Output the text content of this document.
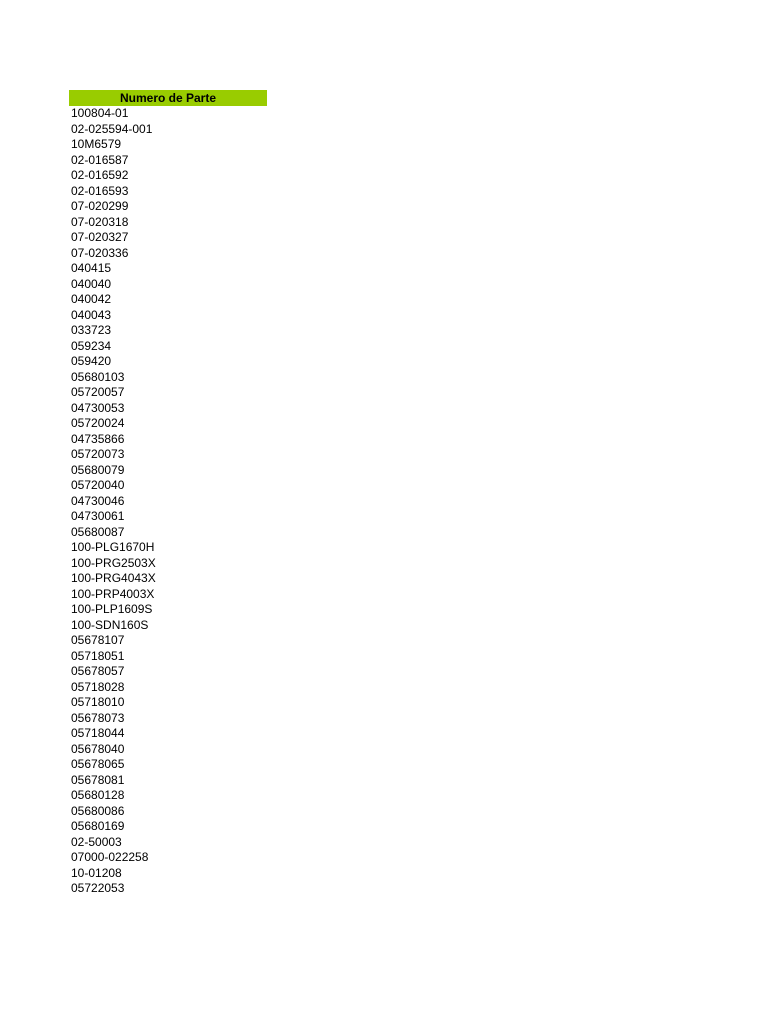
Numero de Parte
100804-01
02-025594-001
10M6579
02-016587
02-016592
02-016593
07-020299
07-020318
07-020327
07-020336
040415
040040
040042
040043
033723
059234
059420
05680103
05720057
04730053
05720024
04735866
05720073
05680079
05720040
04730046
04730061
05680087
100-PLG1670H
100-PRG2503X
100-PRG4043X
100-PRP4003X
100-PLP1609S
100-SDN160S
05678107
05718051
05678057
05718028
05718010
05678073
05718044
05678040
05678065
05678081
05680128
05680086
05680169
02-50003
07000-022258
10-01208
05722053
